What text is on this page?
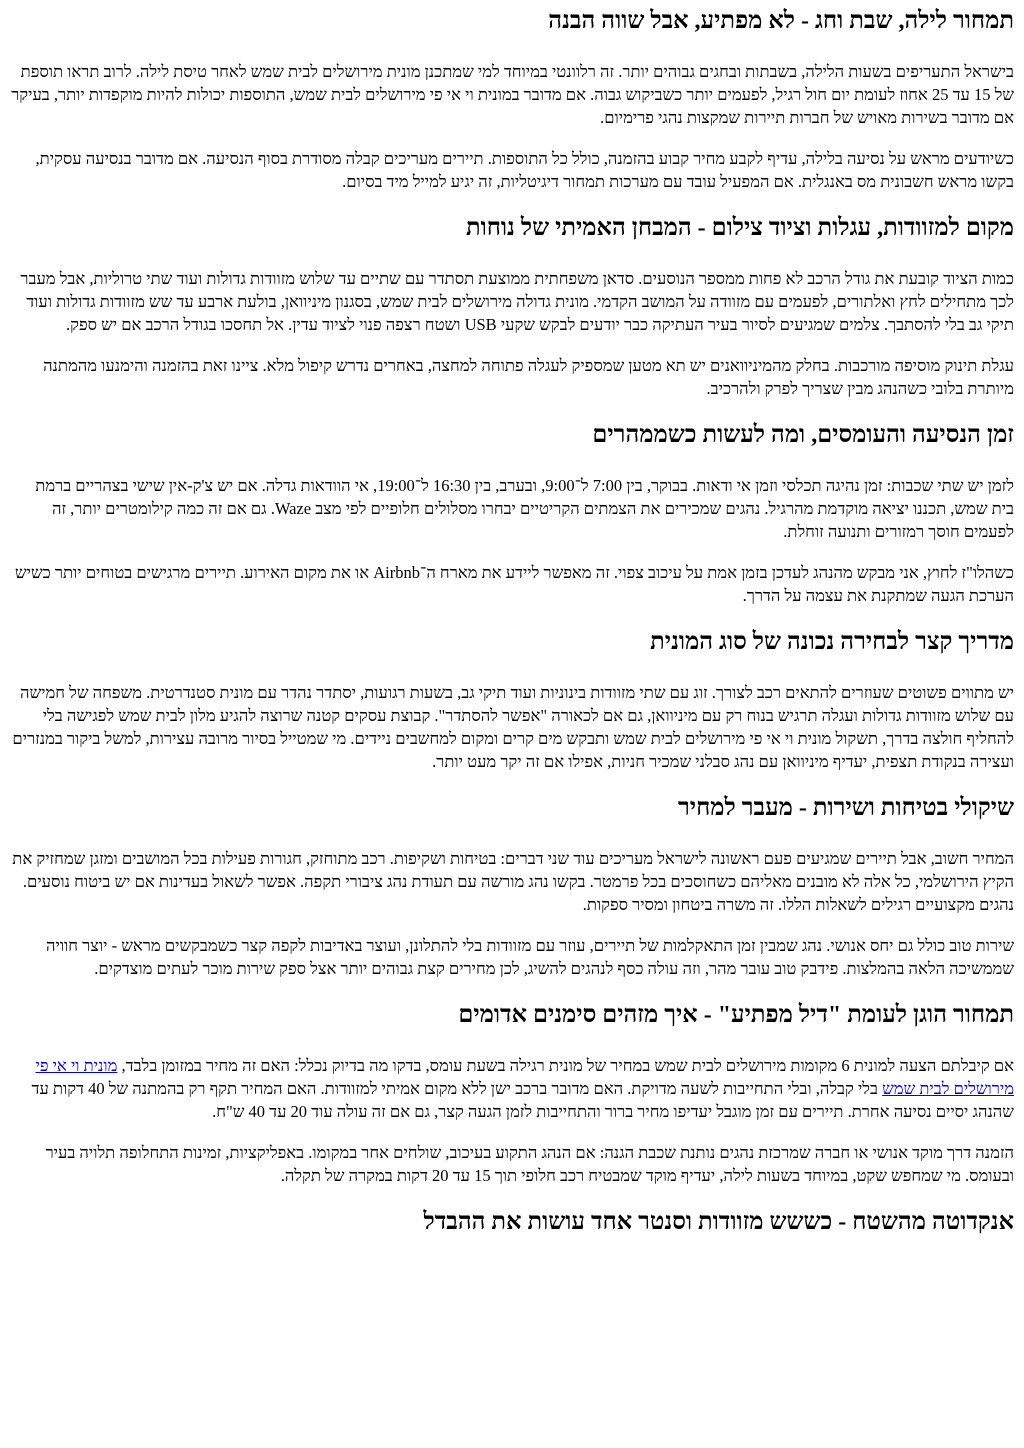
תמחור לילה, שבת וחג - לא מפתיע, אבל שווה הבנה

בישראל התעריפים בשעות הלילה, בשבתות ובחגים גבוהים יותר. זה רלוונטי במיוחד למי שמתכנן מונית מירושלים לבית שמש לאחר טיסת לילה. לרוב תראו תוספת של 15 עד 25 אחוז לעומת יום חול רגיל, לפעמים יותר כשביקוש גבוה. אם מדובר במונית וי אי פי מירושלים לבית שמש, התוספות יכולות להיות מוקפדות יותר, בעיקר אם מדובר בשירות מאויש של חברות תיירות שמקצות נהגי פרימיום.

כשיודעים מראש על נסיעה בלילה, עדיף לקבע מחיר קבוע בהזמנה, כולל כל התוספות. תיירים מעריכים קבלה מסודרת בסוף הנסיעה. אם מדובר בנסיעה עסקית, בקשו מראש חשבונית מס באנגלית. אם המפעיל עובד עם מערכות תמחור דיגיטליות, זה יגיע למייל מיד בסיום.

מקום למזוודות, עגלות וציוד צילום - המבחן האמיתי של נוחות

כמות הציוד קובעת את גודל הרכב לא פחות ממספר הנוסעים. סדאן משפחתית ממוצעת תסתדר עם שתיים עד שלוש מזוודות גדולות ועוד שתי טרוליות, אבל מעבר לכך מתחילים לחץ ואלתורים, לפעמים עם מזוודה על המושב הקדמי. מונית גדולה מירושלים לבית שמש, בסגנון מיניוואן, בולעת ארבע עד שש מזוודות גדולות ועוד תיקי גב בלי להסתבך. צלמים שמגיעים לסיור בעיר העתיקה כבר יודעים לבקש שקעי USB ושטח רצפה פנוי לציוד עדין. אל תחסכו בגודל הרכב אם יש ספק.

עגלת תינוק מוסיפה מורכבות. בחלק מהמיניוואנים יש תא מטען שמספיק לעגלה פתוחה למחצה, באחרים נדרש קיפול מלא. ציינו זאת בהזמנה והימנעו מהמתנה מיותרת בלובי כשהנהג מבין שצריך לפרק ולהרכיב.

זמן הנסיעה והעומסים, ומה לעשות כשממהרים

לזמן יש שתי שכבות: זמן נהיגה תכלסי וזמן אי ודאות. בבוקר, בין 7:00 ל־9:00, ובערב, בין 16:30 ל־19:00, אי הוודאות גדלה. אם יש צ'ק-אין שישי בצהריים ברמת בית שמש, תכננו יציאה מוקדמת מהרגיל. נהגים שמכירים את הצמתים הקריטיים יבחרו מסלולים חלופיים לפי מצב Waze. גם אם זה כמה קילומטרים יותר, זה לפעמים חוסך רמזורים ותנועה זוחלת.

כשהלו"ז לחוץ, אני מבקש מהנהג לעדכן בזמן אמת על עיכוב צפוי. זה מאפשר ליידע את מארח ה־Airbnb או את מקום האירוע. תיירים מרגישים בטוחים יותר כשיש הערכת הגעה שמתקנת את עצמה על הדרך.

מדריך קצר לבחירה נכונה של סוג המונית

יש מתווים פשוטים שעוזרים להתאים רכב לצורך. זוג עם שתי מזוודות בינוניות ועוד תיקי גב, בשעות רגועות, יסתדר נהדר עם מונית סטנדרטית. משפחה של חמישה עם שלוש מזוודות גדולות ועגלה תרגיש בנוח רק עם מיניוואן, גם אם לכאורה "אפשר להסתדר". קבוצת עסקים קטנה שרוצה להגיע מלון לבית שמש לפגישה בלי להחליף חולצה בדרך, תשקול מונית וי אי פי מירושלים לבית שמש ותבקש מים קרים ומקום למחשבים ניידים. מי שמטייל בסיור מרובה עצירות, למשל ביקור במנזרים ועצירה בנקודת תצפית, יעדיף מיניוואן עם נהג סבלני שמכיר חניות, אפילו אם זה יקר מעט יותר.

שיקולי בטיחות ושירות - מעבר למחיר

המחיר חשוב, אבל תיירים שמגיעים פעם ראשונה לישראל מעריכים עוד שני דברים: בטיחות ושקיפות. רכב מתוחזק, חגורות פעילות בכל המושבים ומזגן שמחזיק את הקיץ הירושלמי, כל אלה לא מובנים מאליהם כשחוסכים בכל פרמטר. בקשו נהג מורשה עם תעודת נהג ציבורי תקפה. אפשר לשאול בעדינות אם יש ביטוח נוסעים. נהגים מקצועיים רגילים לשאלות הללו. זה משרה ביטחון ומסיר ספקות.

שירות טוב כולל גם יחס אנושי. נהג שמבין זמן התאקלמות של תיירים, עוזר עם מזוודות בלי להתלונן, ועוצר באדיבות לקפה קצר כשמבקשים מראש - יוצר חוויה שממשיכה הלאה בהמלצות. פידבק טוב עובר מהר, וזה עולה כסף לנהגים להשיג, לכן מחירים קצת גבוהים יותר אצל ספק שירות מוכר לעתים מוצדקים.

תמחור הוגן לעומת "דיל מפתיע" - איך מזהים סימנים אדומים

אם קיבלתם הצעה למונית 6 מקומות מירושלים לבית שמש במחיר של מונית רגילה בשעת עומס, בדקו מה בדיוק נכלל: האם זה מחיר במזומן בלבד, מונית וי אי פי מירושלים לבית שמש בלי קבלה, ובלי התחייבות לשעה מדויקת. האם מדובר ברכב ישן ללא מקום אמיתי למזוודות. האם המחיר תקף רק בהמתנה של 40 דקות עד שהנהג יסיים נסיעה אחרת. תיירים עם זמן מוגבל יעדיפו מחיר ברור והתחייבות לזמן הגעה קצר, גם אם זה עולה עוד 20 עד 40 ש"ח.

הזמנה דרך מוקד אנושי או חברה שמרכזת נהגים נותנת שכבת הגנה: אם הנהג התקוע בעיכוב, שולחים אחר במקומו. באפליקציות, זמינות התחלופה תלויה בעיר ובעומס. מי שמחפש שקט, במיוחד בשעות לילה, יעדיף מוקד שמבטיח רכב חלופי תוך 15 עד 20 דקות במקרה של תקלה.

אנקדוטה מהשטח - כששש מזוודות וסנטר אחד עושות את ההבדל
